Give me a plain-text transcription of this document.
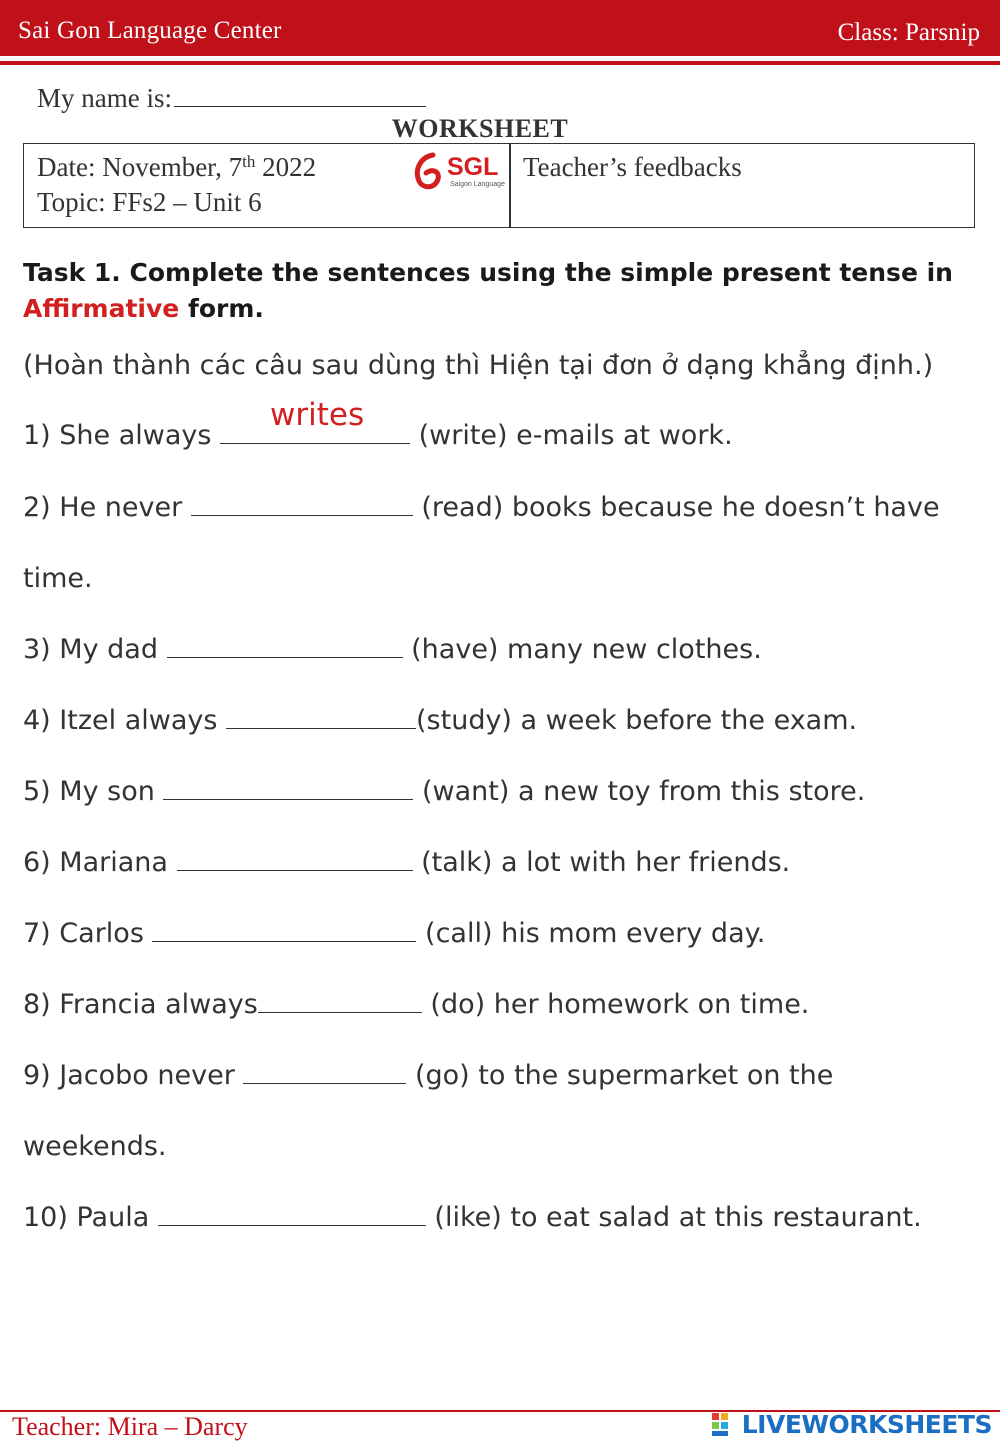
Sai Gon Language Center	Class: Parsnip
My name is:
WORKSHEET
Date: November, 7th 2022
Topic: FFs2 – Unit 6
Teacher’s feedbacks
SGL
Saigon Language
Task 1. Complete the sentences using the simple present tense in Affirmative form.
(Hoàn thành các câu sau dùng thì Hiện tại đơn ở dạng khẳng định.)
1) She always
writes
(write) e-mails at work.
2) He never	(read) books because he doesn’t have
time.
3) My dad	(have) many new clothes.
4) Itzel always	(study) a week before the exam.
5) My son	(want) a new toy from this store.
6) Mariana	(talk) a lot with her friends.
7) Carlos	(call) his mom every day.
8) Francia always	(do) her homework on time.
9) Jacobo never	(go) to the supermarket on the
weekends.
10) Paula	(like) to eat salad at this restaurant.
Teacher: Mira – Darcy	LIVEWORKSHEETS
